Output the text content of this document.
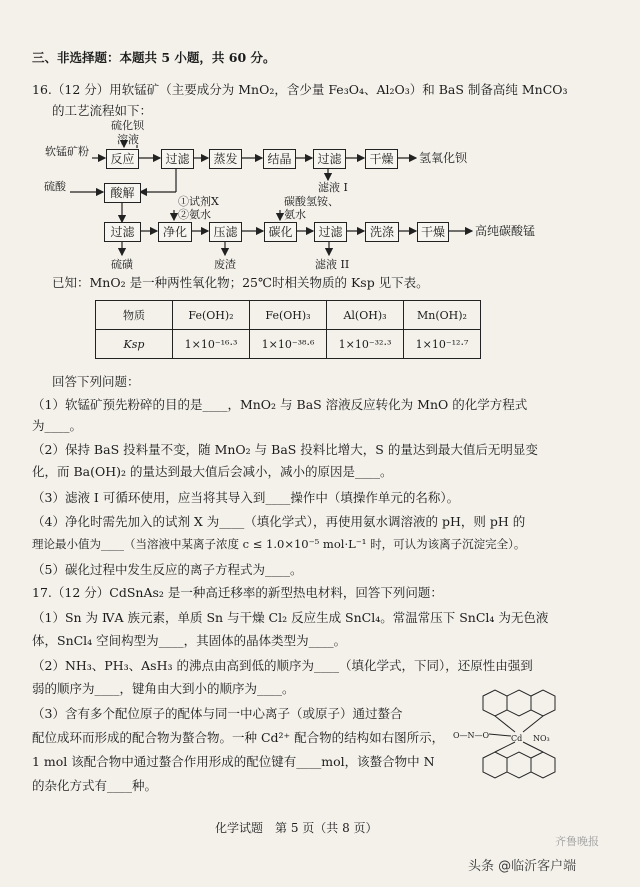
三、非选择题：本题共 5 小题，共 60 分。
16.（12 分）用软锰矿（主要成分为 MnO₂，含少量 Fe₃O₄、Al₂O₃）和 BaS 制备高纯 MnCO₃
的工艺流程如下：
软锰矿粉
硫化钡
溶液
反应	过滤	蒸发	结晶	过滤	干燥	氢氧化钡
滤液 I
硫酸	酸解
①试剂X
②氨水
碳酸氢铵、
氨水
过滤	净化	压滤	碳化	过滤	洗涤	干燥	高纯碳酸锰
硫磺	废渣	滤液 II
已知：MnO₂ 是一种两性氧化物；25℃时相关物质的 Ksp 见下表。
物质	Fe(OH)₂	Fe(OH)₃	Al(OH)₃	Mn(OH)₂
Ksp	1×10⁻¹⁶·³	1×10⁻³⁸·⁶	1×10⁻³²·³	1×10⁻¹²·⁷
回答下列问题：
（1）软锰矿预先粉碎的目的是____，MnO₂ 与 BaS 溶液反应转化为 MnO 的化学方程式
为____。
（2）保持 BaS 投料量不变，随 MnO₂ 与 BaS 投料比增大，S 的量达到最大值后无明显变
化，而 Ba(OH)₂ 的量达到最大值后会减小，减小的原因是____。
（3）滤液 I 可循环使用，应当将其导入到____操作中（填操作单元的名称）。
（4）净化时需先加入的试剂 X 为____（填化学式），再使用氨水调溶液的 pH，则 pH 的
理论最小值为____（当溶液中某离子浓度 c ≤ 1.0×10⁻⁵ mol·L⁻¹ 时，可认为该离子沉淀完全）。
（5）碳化过程中发生反应的离子方程式为____。
17.（12 分）CdSnAs₂ 是一种高迁移率的新型热电材料，回答下列问题：
（1）Sn 为 ⅣA 族元素，单质 Sn 与干燥 Cl₂ 反应生成 SnCl₄。常温常压下 SnCl₄ 为无色液
体，SnCl₄ 空间构型为____，其固体的晶体类型为____。
（2）NH₃、PH₃、AsH₃ 的沸点由高到低的顺序为____（填化学式，下同），还原性由强到
弱的顺序为____，键角由大到小的顺序为____。
（3）含有多个配位原子的配体与同一中心离子（或原子）通过螯合
配位成环而形成的配合物为螯合物。一种 Cd²⁺ 配合物的结构如右图所示，
1 mol 该配合物中通过螯合作用形成的配位键有____mol，该螯合物中 N
的杂化方式有____种。
O—N—O	Cd NO₃
化学试题　第 5 页（共 8 页）
齐鲁晚报
头条 @临沂客户端
